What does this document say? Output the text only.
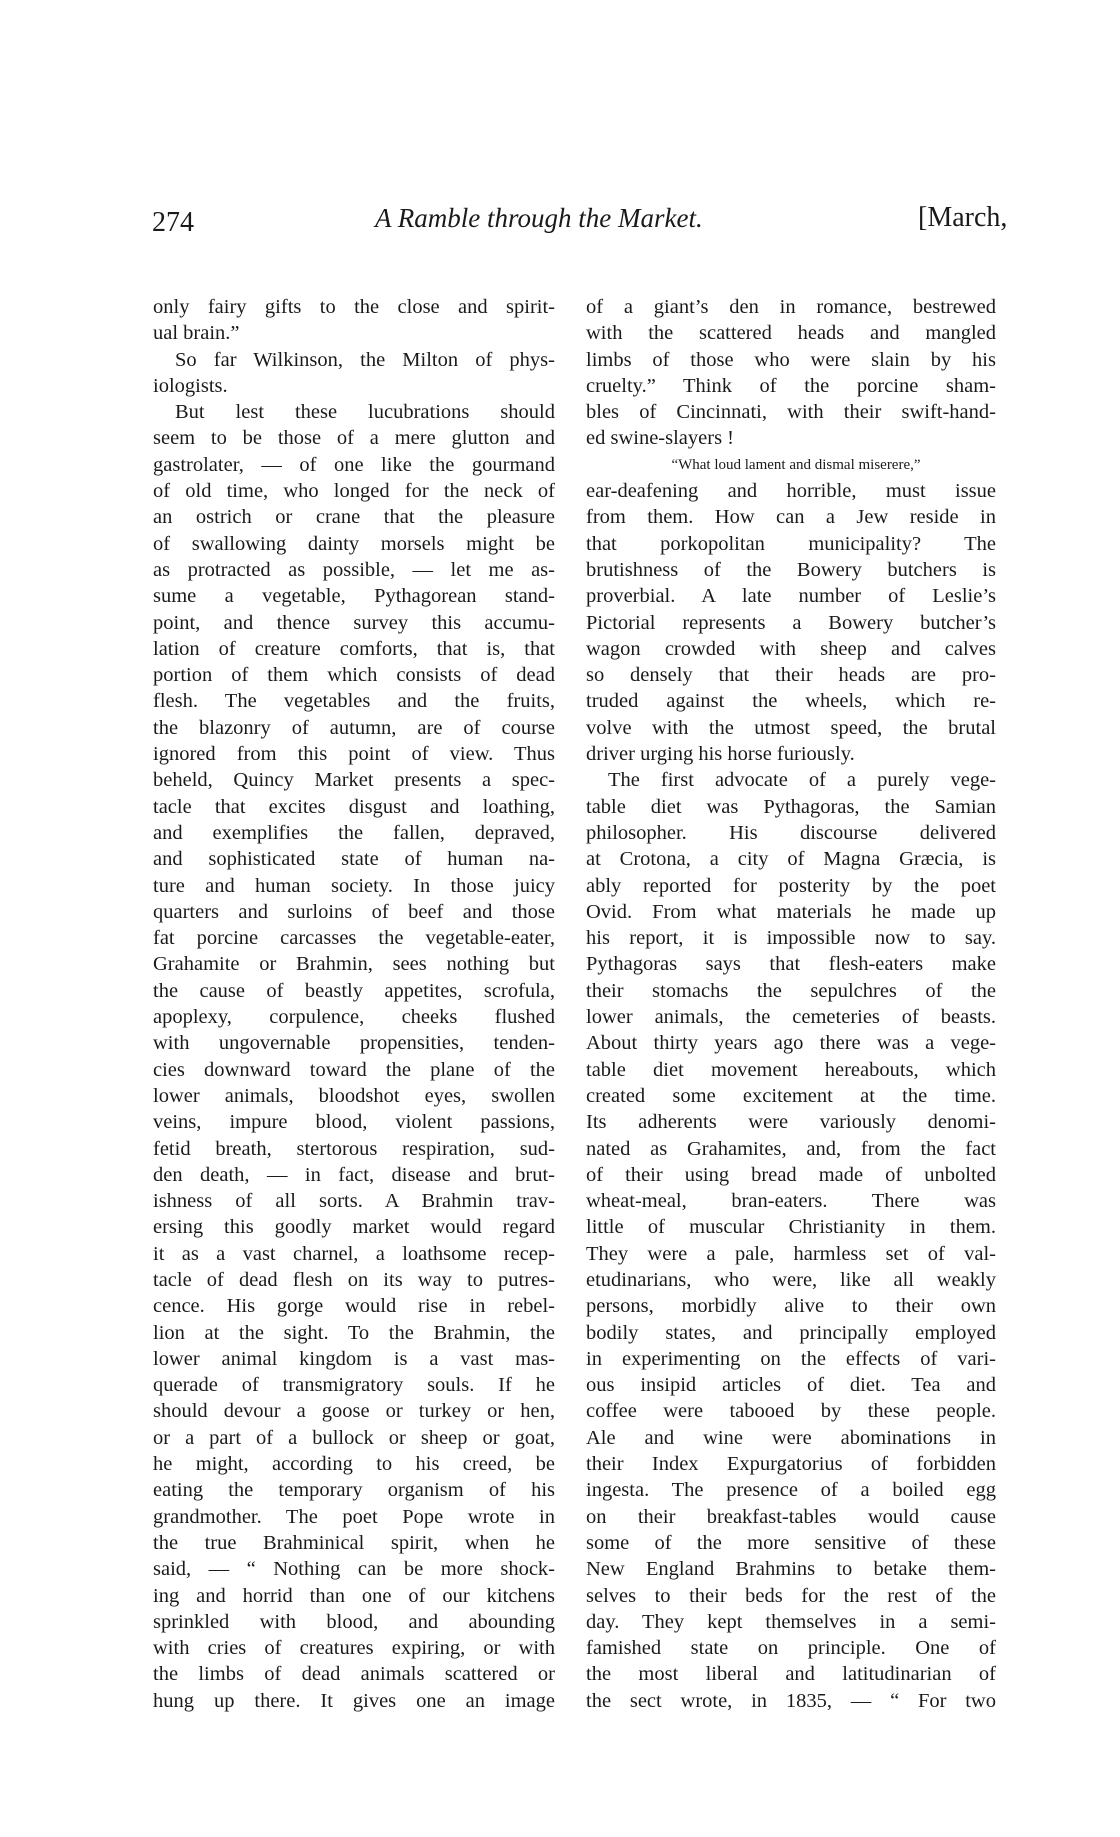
274	A Ramble through the Market.	[March,
only fairy gifts to the close and spirit-
ual brain.”
So far Wilkinson, the Milton of phys-
iologists.
But lest these lucubrations should
seem to be those of a mere glutton and
gastrolater, — of one like the gourmand
of old time, who longed for the neck of
an ostrich or crane that the pleasure
of swallowing dainty morsels might be
as protracted as possible, — let me as-
sume a vegetable, Pythagorean stand-
point, and thence survey this accumu-
lation of creature comforts, that is, that
portion of them which consists of dead
flesh. The vegetables and the fruits,
the blazonry of autumn, are of course
ignored from this point of view. Thus
beheld, Quincy Market presents a spec-
tacle that excites disgust and loathing,
and exemplifies the fallen, depraved,
and sophisticated state of human na-
ture and human society. In those juicy
quarters and surloins of beef and those
fat porcine carcasses the vegetable-eater,
Grahamite or Brahmin, sees nothing but
the cause of beastly appetites, scrofula,
apoplexy, corpulence, cheeks flushed
with ungovernable propensities, tenden-
cies downward toward the plane of the
lower animals, bloodshot eyes, swollen
veins, impure blood, violent passions,
fetid breath, stertorous respiration, sud-
den death, — in fact, disease and brut-
ishness of all sorts. A Brahmin trav-
ersing this goodly market would regard
it as a vast charnel, a loathsome recep-
tacle of dead flesh on its way to putres-
cence. His gorge would rise in rebel-
lion at the sight. To the Brahmin, the
lower animal kingdom is a vast mas-
querade of transmigratory souls. If he
should devour a goose or turkey or hen,
or a part of a bullock or sheep or goat,
he might, according to his creed, be
eating the temporary organism of his
grandmother. The poet Pope wrote in
the true Brahminical spirit, when he
said, — “ Nothing can be more shock-
ing and horrid than one of our kitchens
sprinkled with blood, and abounding
with cries of creatures expiring, or with
the limbs of dead animals scattered or
hung up there. It gives one an image
of a giant’s den in romance, bestrewed
with the scattered heads and mangled
limbs of those who were slain by his
cruelty.” Think of the porcine sham-
bles of Cincinnati, with their swift-hand-
ed swine-slayers !
“What loud lament and dismal miserere,”
ear-deafening and horrible, must issue
from them. How can a Jew reside in
that porkopolitan municipality? The
brutishness of the Bowery butchers is
proverbial. A late number of Leslie’s
Pictorial represents a Bowery butcher’s
wagon crowded with sheep and calves
so densely that their heads are pro-
truded against the wheels, which re-
volve with the utmost speed, the brutal
driver urging his horse furiously.
The first advocate of a purely vege-
table diet was Pythagoras, the Samian
philosopher. His discourse delivered
at Crotona, a city of Magna Græcia, is
ably reported for posterity by the poet
Ovid. From what materials he made up
his report, it is impossible now to say.
Pythagoras says that flesh-eaters make
their stomachs the sepulchres of the
lower animals, the cemeteries of beasts.
About thirty years ago there was a vege-
table diet movement hereabouts, which
created some excitement at the time.
Its adherents were variously denomi-
nated as Grahamites, and, from the fact
of their using bread made of unbolted
wheat-meal, bran-eaters. There was
little of muscular Christianity in them.
They were a pale, harmless set of val-
etudinarians, who were, like all weakly
persons, morbidly alive to their own
bodily states, and principally employed
in experimenting on the effects of vari-
ous insipid articles of diet. Tea and
coffee were tabooed by these people.
Ale and wine were abominations in
their Index Expurgatorius of forbidden
ingesta. The presence of a boiled egg
on their breakfast-tables would cause
some of the more sensitive of these
New England Brahmins to betake them-
selves to their beds for the rest of the
day. They kept themselves in a semi-
famished state on principle. One of
the most liberal and latitudinarian of
the sect wrote, in 1835, — “ For two
